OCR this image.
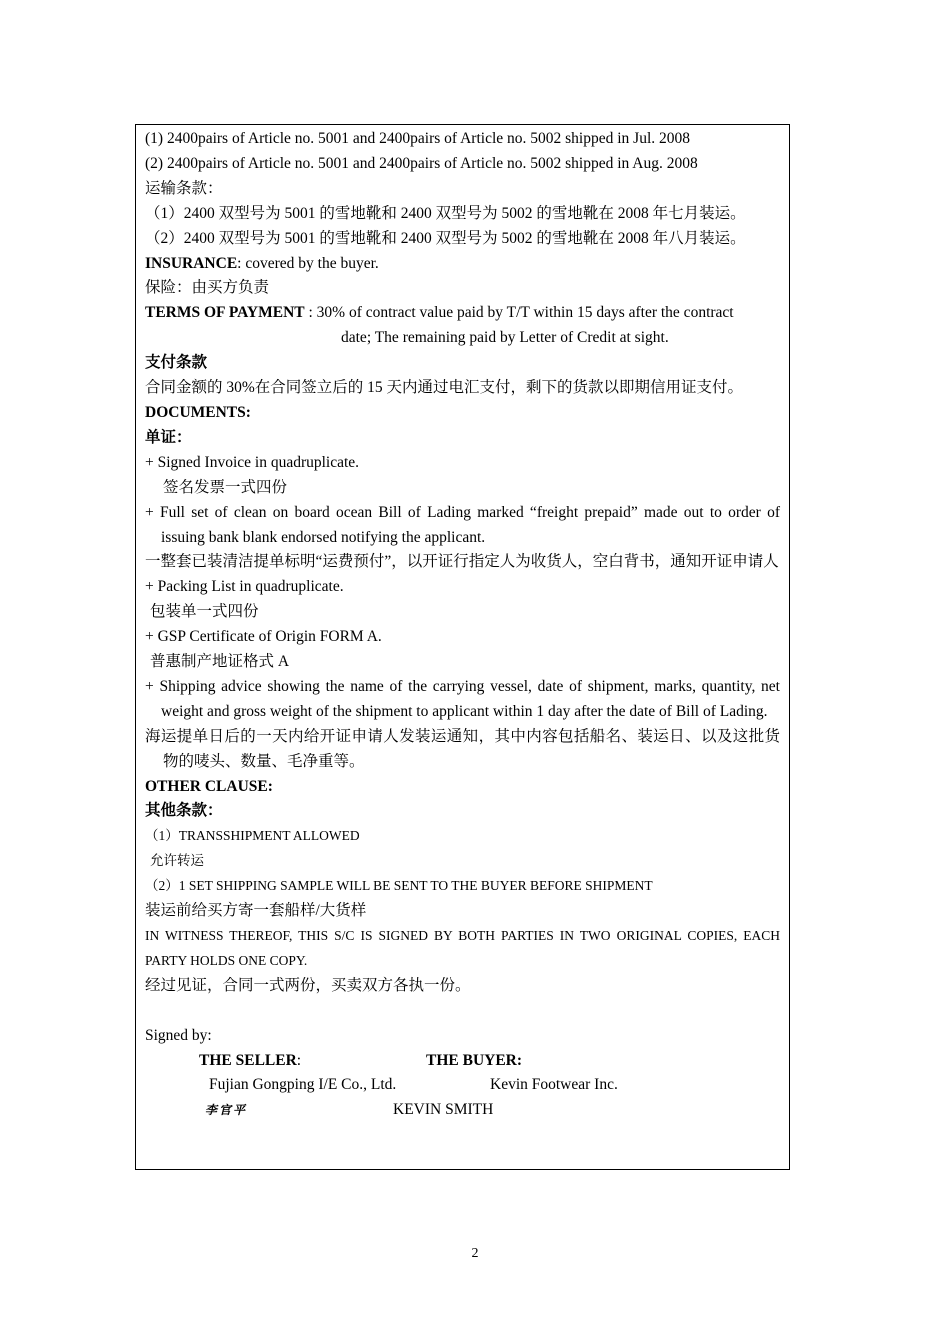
(1) 2400pairs of Article no. 5001 and 2400pairs of Article no. 5002 shipped in Jul. 2008
(2) 2400pairs of Article no. 5001 and 2400pairs of Article no. 5002 shipped in Aug. 2008
运输条款：
（1）2400 双型号为 5001 的雪地靴和 2400 双型号为 5002 的雪地靴在 2008 年七月装运。
（2）2400 双型号为 5001 的雪地靴和 2400 双型号为 5002 的雪地靴在 2008 年八月装运。
INSURANCE: covered by the buyer.
保险：由买方负责
TERMS OF PAYMENT : 30% of contract value paid by T/T within 15 days after the contract
date; The remaining paid by Letter of Credit at sight.
支付条款
合同金额的 30%在合同签立后的 15 天内通过电汇支付，剩下的货款以即期信用证支付。
DOCUMENTS:
单证：
+ Signed Invoice in quadruplicate.
签名发票一式四份
+ Full set of clean on board ocean Bill of Lading marked “freight prepaid” made out to order of issuing bank blank endorsed notifying the applicant.
一整套已装清洁提单标明“运费预付”，以开证行指定人为收货人，空白背书，通知开证申请人
+ Packing List in quadruplicate.
包装单一式四份
+ GSP Certificate of Origin FORM A.
普惠制产地证格式 A
+ Shipping advice showing the name of the carrying vessel, date of shipment, marks, quantity, net weight and gross weight of the shipment to applicant within 1 day after the date of Bill of Lading.
海运提单日后的一天内给开证申请人发装运通知，其中内容包括船名、装运日、以及这批货物的唛头、数量、毛净重等。
OTHER CLAUSE:
其他条款：
（1）TRANSSHIPMENT ALLOWED
允许转运
（2）1 SET SHIPPING SAMPLE WILL BE SENT TO THE BUYER BEFORE SHIPMENT
装运前给买方寄一套船样/大货样
IN WITNESS THEREOF, THIS S/C IS SIGNED BY BOTH PARTIES IN TWO ORIGINAL COPIES, EACH PARTY HOLDS ONE COPY.
经过见证，合同一式两份，买卖双方各执一份。
Signed by:
THE SELLER:	THE BUYER:
Fujian Gongping I/E Co., Ltd.	Kevin Footwear Inc.
李官平	KEVIN SMITH
2
